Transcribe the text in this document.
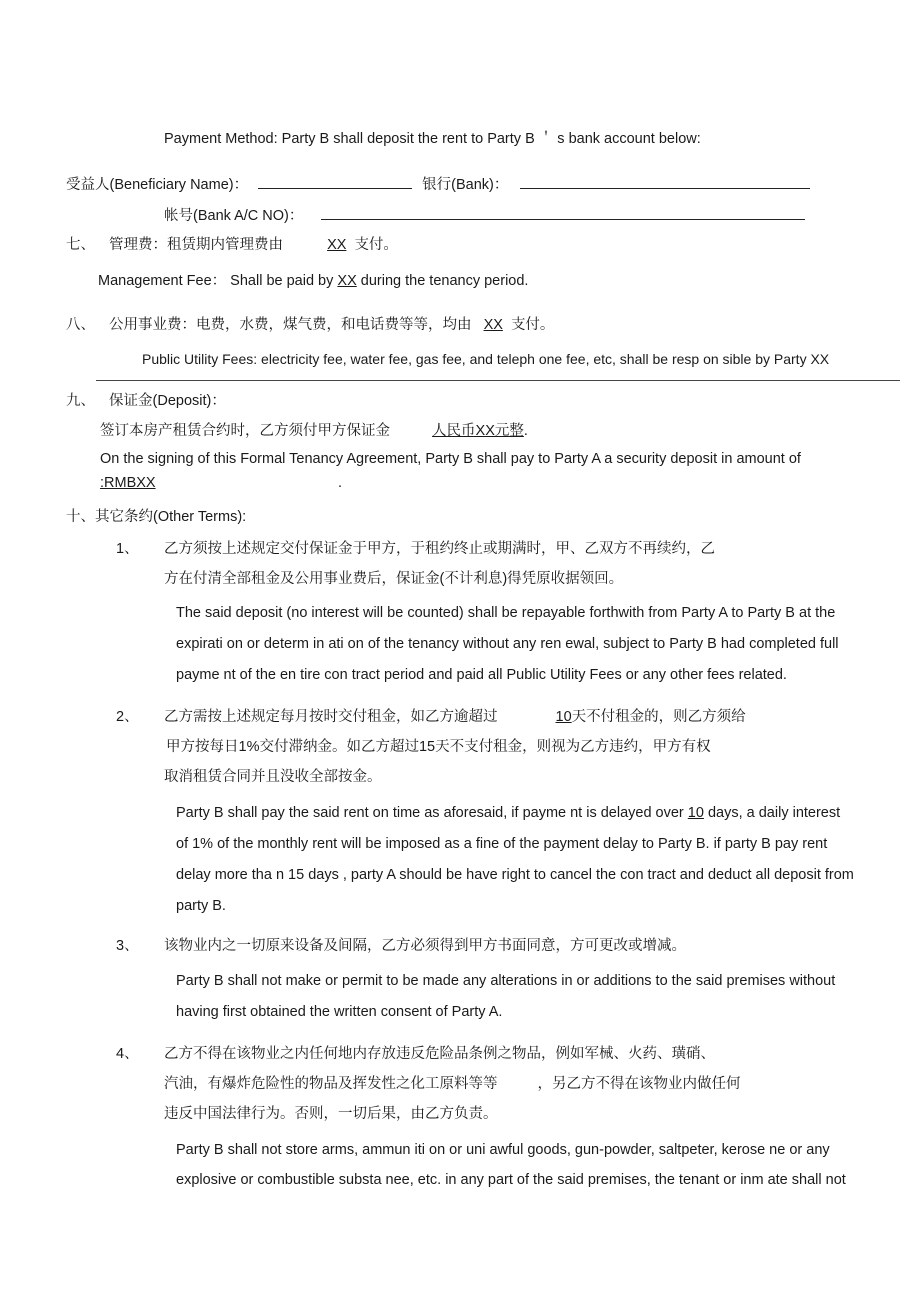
Payment Method: Party B shall deposit the rent to Party B ＇ s bank account below:
受益人(Beneficiary Name)：	银行(Bank)：
帐号(Bank A/C NO)：
七、 管理费：租赁期内管理费由	XX 支付。
Management Fee： Shall be paid by XX during the tenancy period.
八、 公用事业费：电费，水费，煤气费，和电话费等等，均由 XX 支付。
Public Utility Fees: electricity fee, water fee, gas fee, and teleph one fee, etc, shall be resp on sible by Party XX
九、 保证金(Deposit)：
签订本房产租赁合约时，乙方须付甲方保证金	人民币XX元整.
On the signing of this Formal Tenancy Agreement, Party B shall pay to Party A a security deposit in amount of
:RMBXX	.
十、其它条约(Other Terms):
1、 乙方须按上述规定交付保证金于甲方，于租约终止或期满时，甲、乙双方不再续约，乙
方在付清全部租金及公用事业费后，保证金(不计利息)得凭原收据领回。
The said deposit (no interest will be counted) shall be repayable forthwith from Party A to Party B at the
expirati on or determ in ati on of the tenancy without any ren ewal, subject to Party B had completed full
payme nt of the en tire con tract period and paid all Public Utility Fees or any other fees related.
2、 乙方需按上述规定每月按时交付租金，如乙方逾超过	10天不付租金的，则乙方须给
甲方按每日1%交付滞纳金。如乙方超过15天不支付租金，则视为乙方违约，甲方有权
取消租赁合同并且没收全部按金。
Party B shall pay the said rent on time as aforesaid, if payme nt is delayed over 10 days, a daily interest
of 1% of the monthly rent will be imposed as a fine of the payment delay to Party B. if party B pay rent
delay more tha n 15 days , party A should be have right to cancel the con tract and deduct all deposit from
party B.
3、 该物业内之一切原来设备及间隔，乙方必须得到甲方书面同意，方可更改或增减。
Party B shall not make or permit to be made any alterations in or additions to the said premises without
having first obtained the written consent of Party A.
4、 乙方不得在该物业之内任何地内存放违反危险品条例之物品，例如军械、火药、璜硝、
汽油，有爆炸危险性的物品及挥发性之化工原料等等	，另乙方不得在该物业内做任何
违反中国法律行为。否则，一切后果，由乙方负责。
Party B shall not store arms, ammun iti on or uni awful goods, gun-powder, saltpeter, kerose ne or any
explosive or combustible substa nee, etc. in any part of the said premises, the tenant or inm ate shall not
